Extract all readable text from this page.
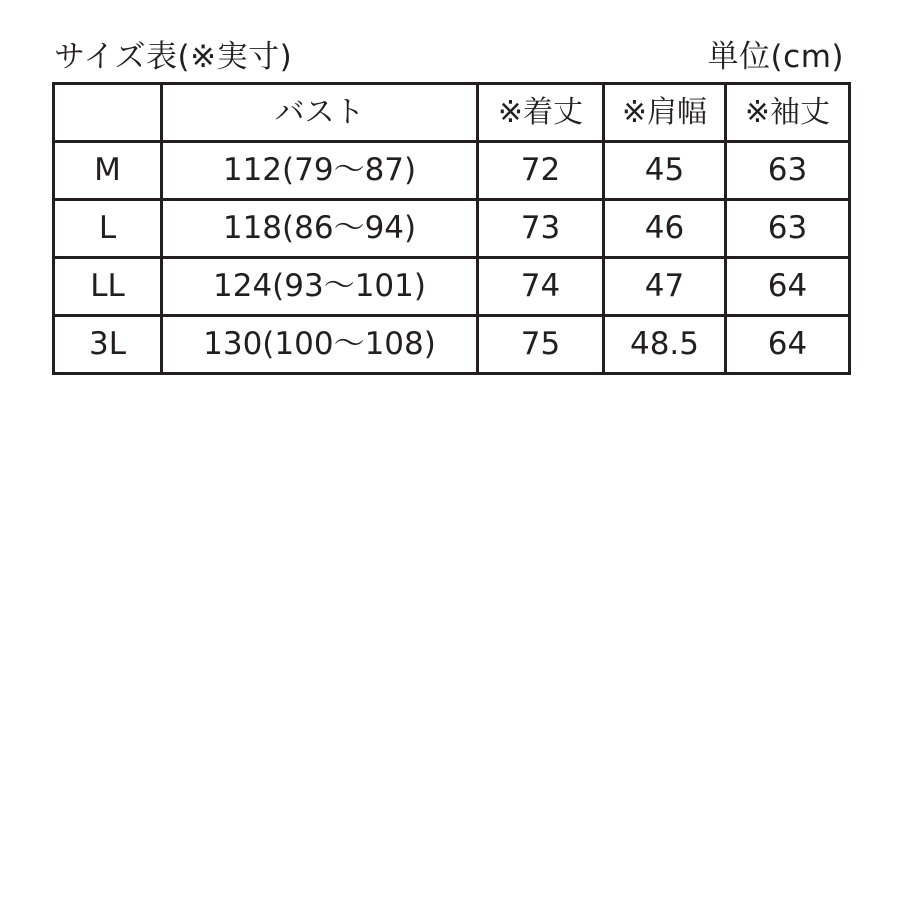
サイズ表(※実寸)	単位(cm)
	バスト	※着丈	※肩幅	※袖丈
M	112(79〜87)	72	45	63
L	118(86〜94)	73	46	63
LL	124(93〜101)	74	47	64
3L	130(100〜108)	75	48.5	64
